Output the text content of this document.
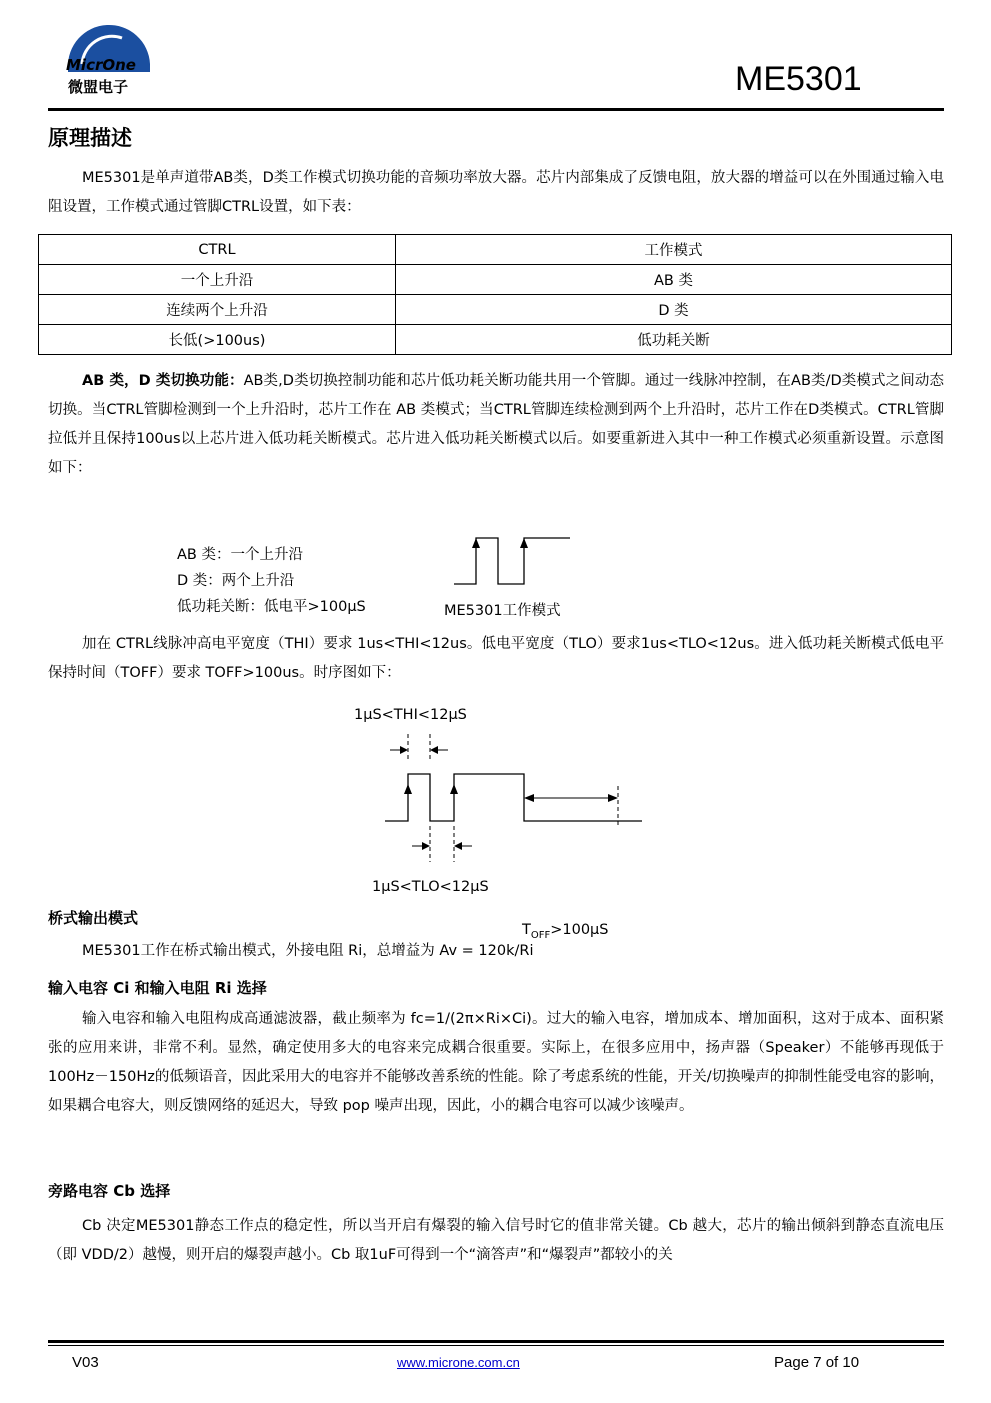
MicrOne
微盟电子	ME5301
原理描述
ME5301是单声道带AB类，D类工作模式切换功能的音频功率放大器。芯片内部集成了反馈电阻，放大器的增益可以在外围通过输入电阻设置，工作模式通过管脚CTRL设置，如下表：
CTRL	工作模式
一个上升沿	AB 类
连续两个上升沿	D 类
长低(>100us)	低功耗关断
AB 类，D 类切换功能：AB类,D类切换控制功能和芯片低功耗关断功能共用一个管脚。通过一线脉冲控制，在AB类/D类模式之间动态切换。当CTRL管脚检测到一个上升沿时，芯片工作在 AB 类模式；当CTRL管脚连续检测到两个上升沿时，芯片工作在D类模式。CTRL管脚拉低并且保持100us以上芯片进入低功耗关断模式。芯片进入低功耗关断模式以后。如要重新进入其中一种工作模式必须重新设置。示意图如下：
AB 类：一个上升沿
D 类：两个上升沿
低功耗关断：低电平>100μS	ME5301工作模式
加在 CTRL线脉冲高电平宽度（THI）要求 1us<THI<12us。低电平宽度（TLO）要求1us<TLO<12us。进入低功耗关断模式低电平保持时间（TOFF）要求 TOFF>100us。时序图如下：
1μS<THI<12μS
1μS<TLO<12μS
桥式输出模式
$T_{OFF}>100\mu S$
ME5301工作在桥式输出模式，外接电阻 Ri，总增益为 Av = 120k/Ri
输入电容 Ci 和输入电阻 Ri 选择
输入电容和输入电阻构成高通滤波器，截止频率为 fc=1/(2π×Ri×Ci)。过大的输入电容，增加成本、增加面积，这对于成本、面积紧张的应用来讲，非常不利。显然，确定使用多大的电容来完成耦合很重要。实际上，在很多应用中，扬声器（Speaker）不能够再现低于 100Hz－150Hz的低频语音，因此采用大的电容并不能够改善系统的性能。除了考虑系统的性能，开关/切换噪声的抑制性能受电容的影响，如果耦合电容大，则反馈网络的延迟大，导致 pop 噪声出现，因此，小的耦合电容可以减少该噪声。
旁路电容 Cb 选择
Cb 决定ME5301静态工作点的稳定性，所以当开启有爆裂的输入信号时它的值非常关键。Cb 越大，芯片的输出倾斜到静态直流电压（即 VDD/2）越慢，则开启的爆裂声越小。Cb 取1uF可得到一个“滴答声”和“爆裂声”都较小的关
V03	www.microne.com.cn	Page 7 of 10
